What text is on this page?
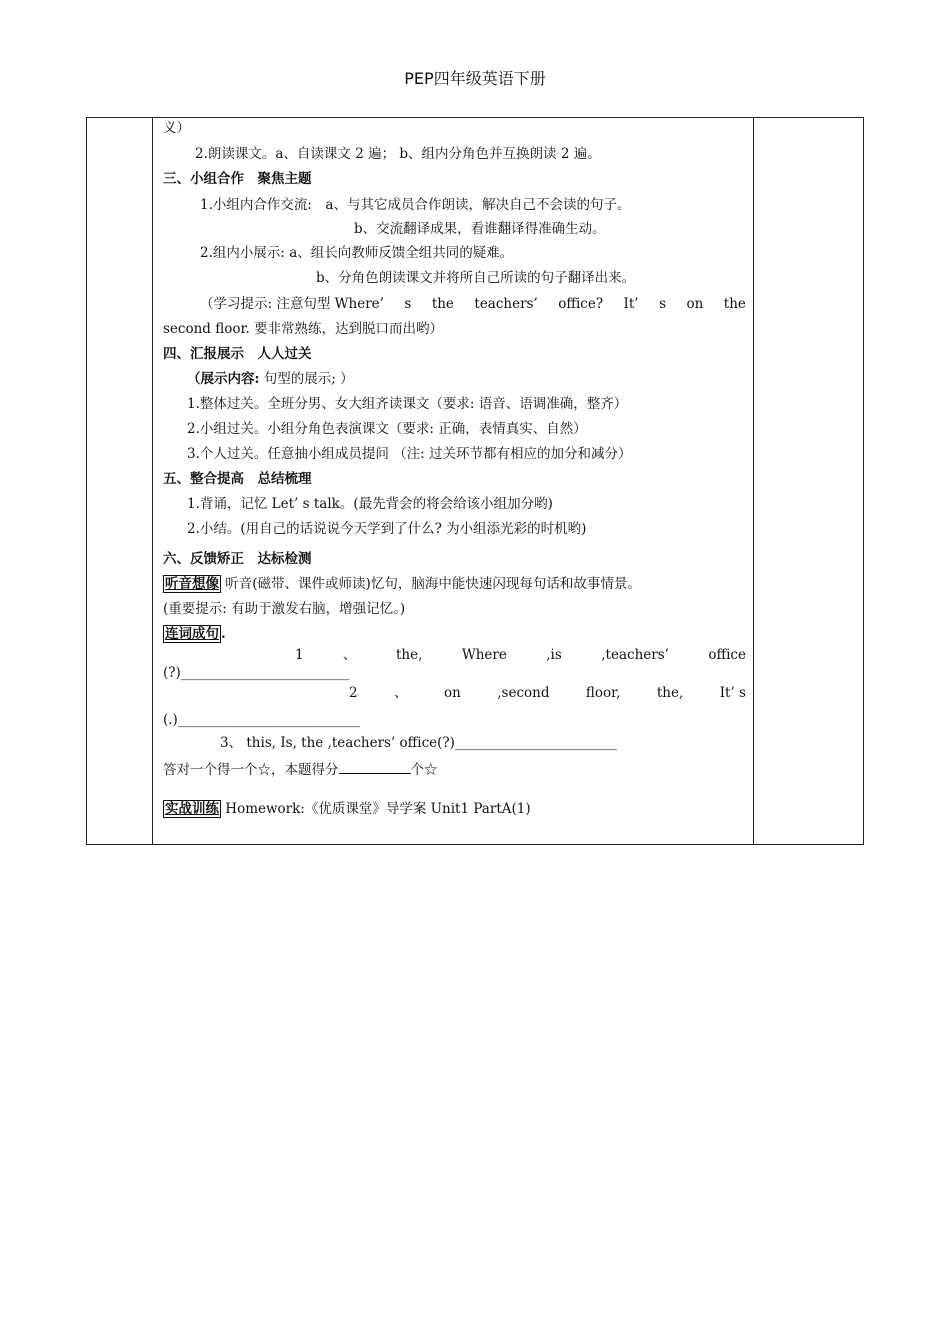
PEP四年级英语下册
义）
2.朗读课文。a、自读课文 2 遍； b、组内分角色并互换朗读 2 遍。
三、小组合作　聚焦主题
1.小组内合作交流:　a、与其它成员合作朗读，解决自己不会读的句子。
b、交流翻译成果，看谁翻译得准确生动。
2.组内小展示: a、组长向教师反馈全组共同的疑难。
b、分角色朗读课文并将所自己所读的句子翻译出来。
（学习提示: 注意句型 Where’ s the teachers’ office? It’ s on the
second floor. 要非常熟练，达到脱口而出哟）
四、汇报展示　人人过关
（展示内容: 句型的展示; ）
1.整体过关。全班分男、女大组齐读课文（要求: 语音、语调准确，整齐）
2.小组过关。小组分角色表演课文（要求: 正确，表情真实、自然）
3.个人过关。任意抽小组成员提问 （注: 过关环节都有相应的加分和减分）
五、整合提高　总结梳理
1.背诵，记忆 Let’ s talk。(最先背会的将会给该小组加分哟)
2.小结。(用自己的话说说今天学到了什么? 为小组添光彩的时机哟)
六、反馈矫正　达标检测
听音想像 听音(磁带、课件或师读)忆句，脑海中能快速闪现每句话和故事情景。
(重要提示: 有助于激发右脑，增强记忆。)
连词成句 .
1	、	the,	Where	,is	,teachers’	office
(?)_________________________
2	、	on	,second	floor,	the,	It’ s
(.)___________________________
3、 this, Is, the ,teachers’ office(?)________________________
答对一个得一个☆，本题得分	个☆
实战训练 Homework:《优质课堂》导学案 Unit1 PartA(1)
